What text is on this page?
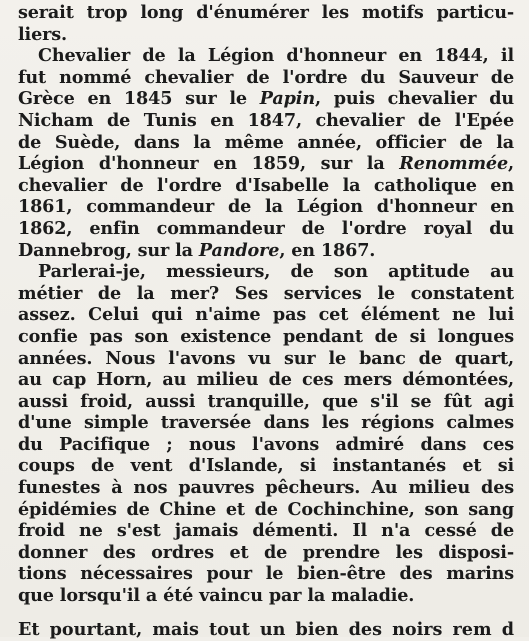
serait trop long d'énumérer les motifs particu-
liers.
Chevalier de la Légion d'honneur en 1844, il
fut nommé chevalier de l'ordre du Sauveur de
Grèce en 1845 sur le Papin, puis chevalier du
Nicham de Tunis en 1847, chevalier de l'Epée
de Suède, dans la même année, officier de la
Légion d'honneur en 1859, sur la Renommée,
chevalier de l'ordre d'Isabelle la catholique en
1861, commandeur de la Légion d'honneur en
1862, enfin commandeur de l'ordre royal du
Dannebrog, sur la Pandore, en 1867.
Parlerai-je, messieurs, de son aptitude au
métier de la mer? Ses services le constatent
assez. Celui qui n'aime pas cet élément ne lui
confie pas son existence pendant de si longues
années. Nous l'avons vu sur le banc de quart,
au cap Horn, au milieu de ces mers démontées,
aussi froid, aussi tranquille, que s'il se fût agi
d'une simple traversée dans les régions calmes
du Pacifique ; nous l'avons admiré dans ces
coups de vent d'Islande, si instantanés et si
funestes à nos pauvres pêcheurs. Au milieu des
épidémies de Chine et de Cochinchine, son sang
froid ne s'est jamais démenti. Il n'a cessé de
donner des ordres et de prendre les disposi-
tions nécessaires pour le bien-être des marins
que lorsqu'il a été vaincu par la maladie.
Et pourtant, mais tout un bien des noirs rem d
